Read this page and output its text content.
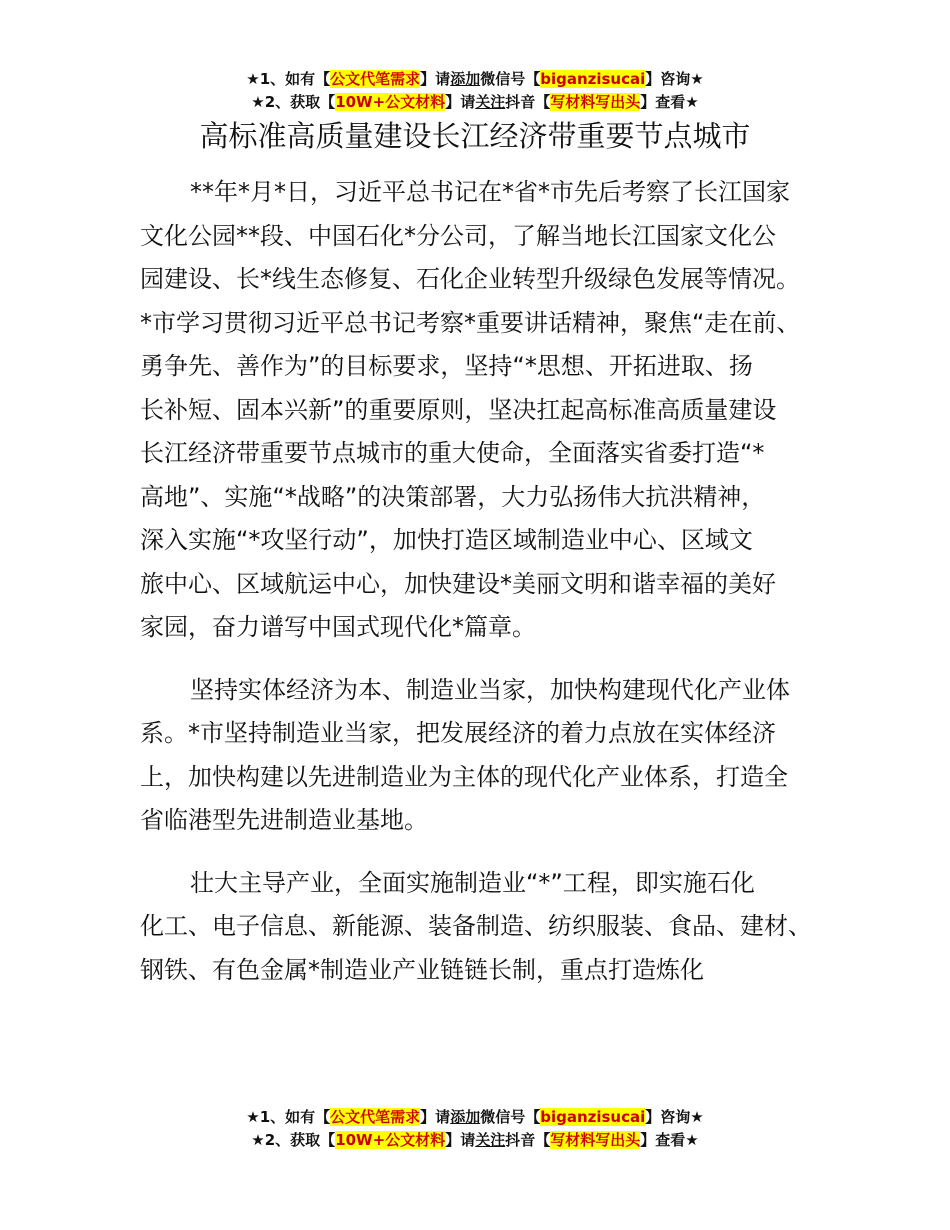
★1、如有【公文代笔需求】请添加微信号【biganzisucai】咨询★
★2、获取【10W+公文材料】请关注抖音【写材料写出头】查看★
高标准高质量建设长江经济带重要节点城市
**年*月*日，习近平总书记在*省*市先后考察了长江国家
文化公园**段、中国石化*分公司，了解当地长江国家文化公
园建设、长*线生态修复、石化企业转型升级绿色发展等情况。
*市学习贯彻习近平总书记考察*重要讲话精神，聚焦“走在前、
勇争先、善作为”的目标要求，坚持“*思想、开拓进取、扬
长补短、固本兴新”的重要原则，坚决扛起高标准高质量建设
长江经济带重要节点城市的重大使命，全面落实省委打造“*
高地”、实施“*战略”的决策部署，大力弘扬伟大抗洪精神，
深入实施“*攻坚行动”，加快打造区域制造业中心、区域文
旅中心、区域航运中心，加快建设*美丽文明和谐幸福的美好
家园，奋力谱写中国式现代化*篇章。
坚持实体经济为本、制造业当家，加快构建现代化产业体
系。*市坚持制造业当家，把发展经济的着力点放在实体经济
上，加快构建以先进制造业为主体的现代化产业体系，打造全
省临港型先进制造业基地。
壮大主导产业，全面实施制造业“*”工程，即实施石化
化工、电子信息、新能源、装备制造、纺织服装、食品、建材、
钢铁、有色金属*制造业产业链链长制，重点打造炼化
★1、如有【公文代笔需求】请添加微信号【biganzisucai】咨询★
★2、获取【10W+公文材料】请关注抖音【写材料写出头】查看★
